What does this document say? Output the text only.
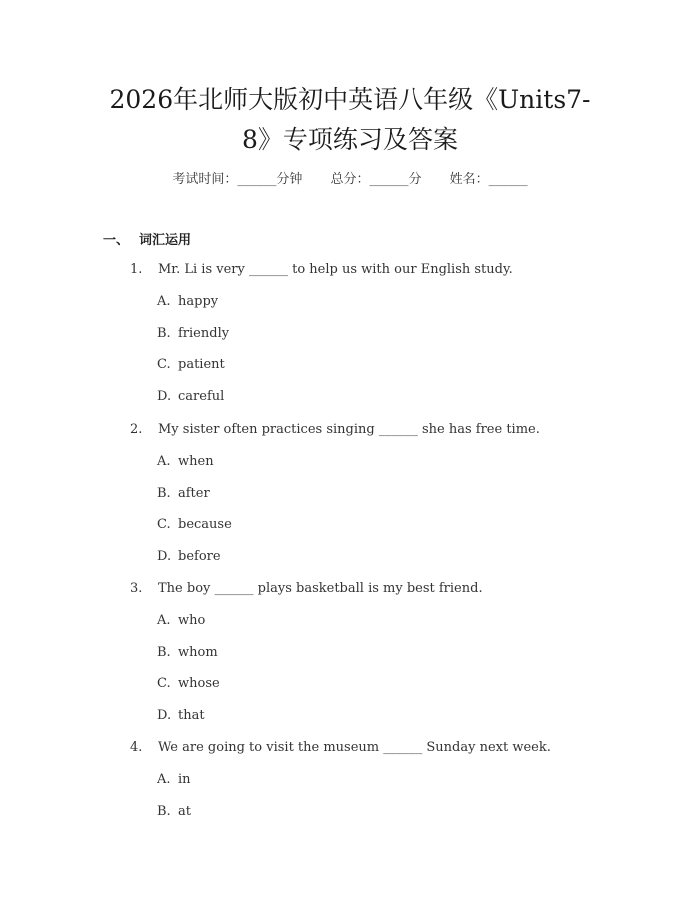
2026年北师大版初中英语八年级《Units7-
8》专项练习及答案
考试时间：______分钟 总分：______分 姓名：______
一、 词汇运用
1. Mr. Li is very ______ to help us with our English study.
A. happy
B. friendly
C. patient
D. careful
2. My sister often practices singing ______ she has free time.
A. when
B. after
C. because
D. before
3. The boy ______ plays basketball is my best friend.
A. who
B. whom
C. whose
D. that
4. We are going to visit the museum ______ Sunday next week.
A. in
B. at
